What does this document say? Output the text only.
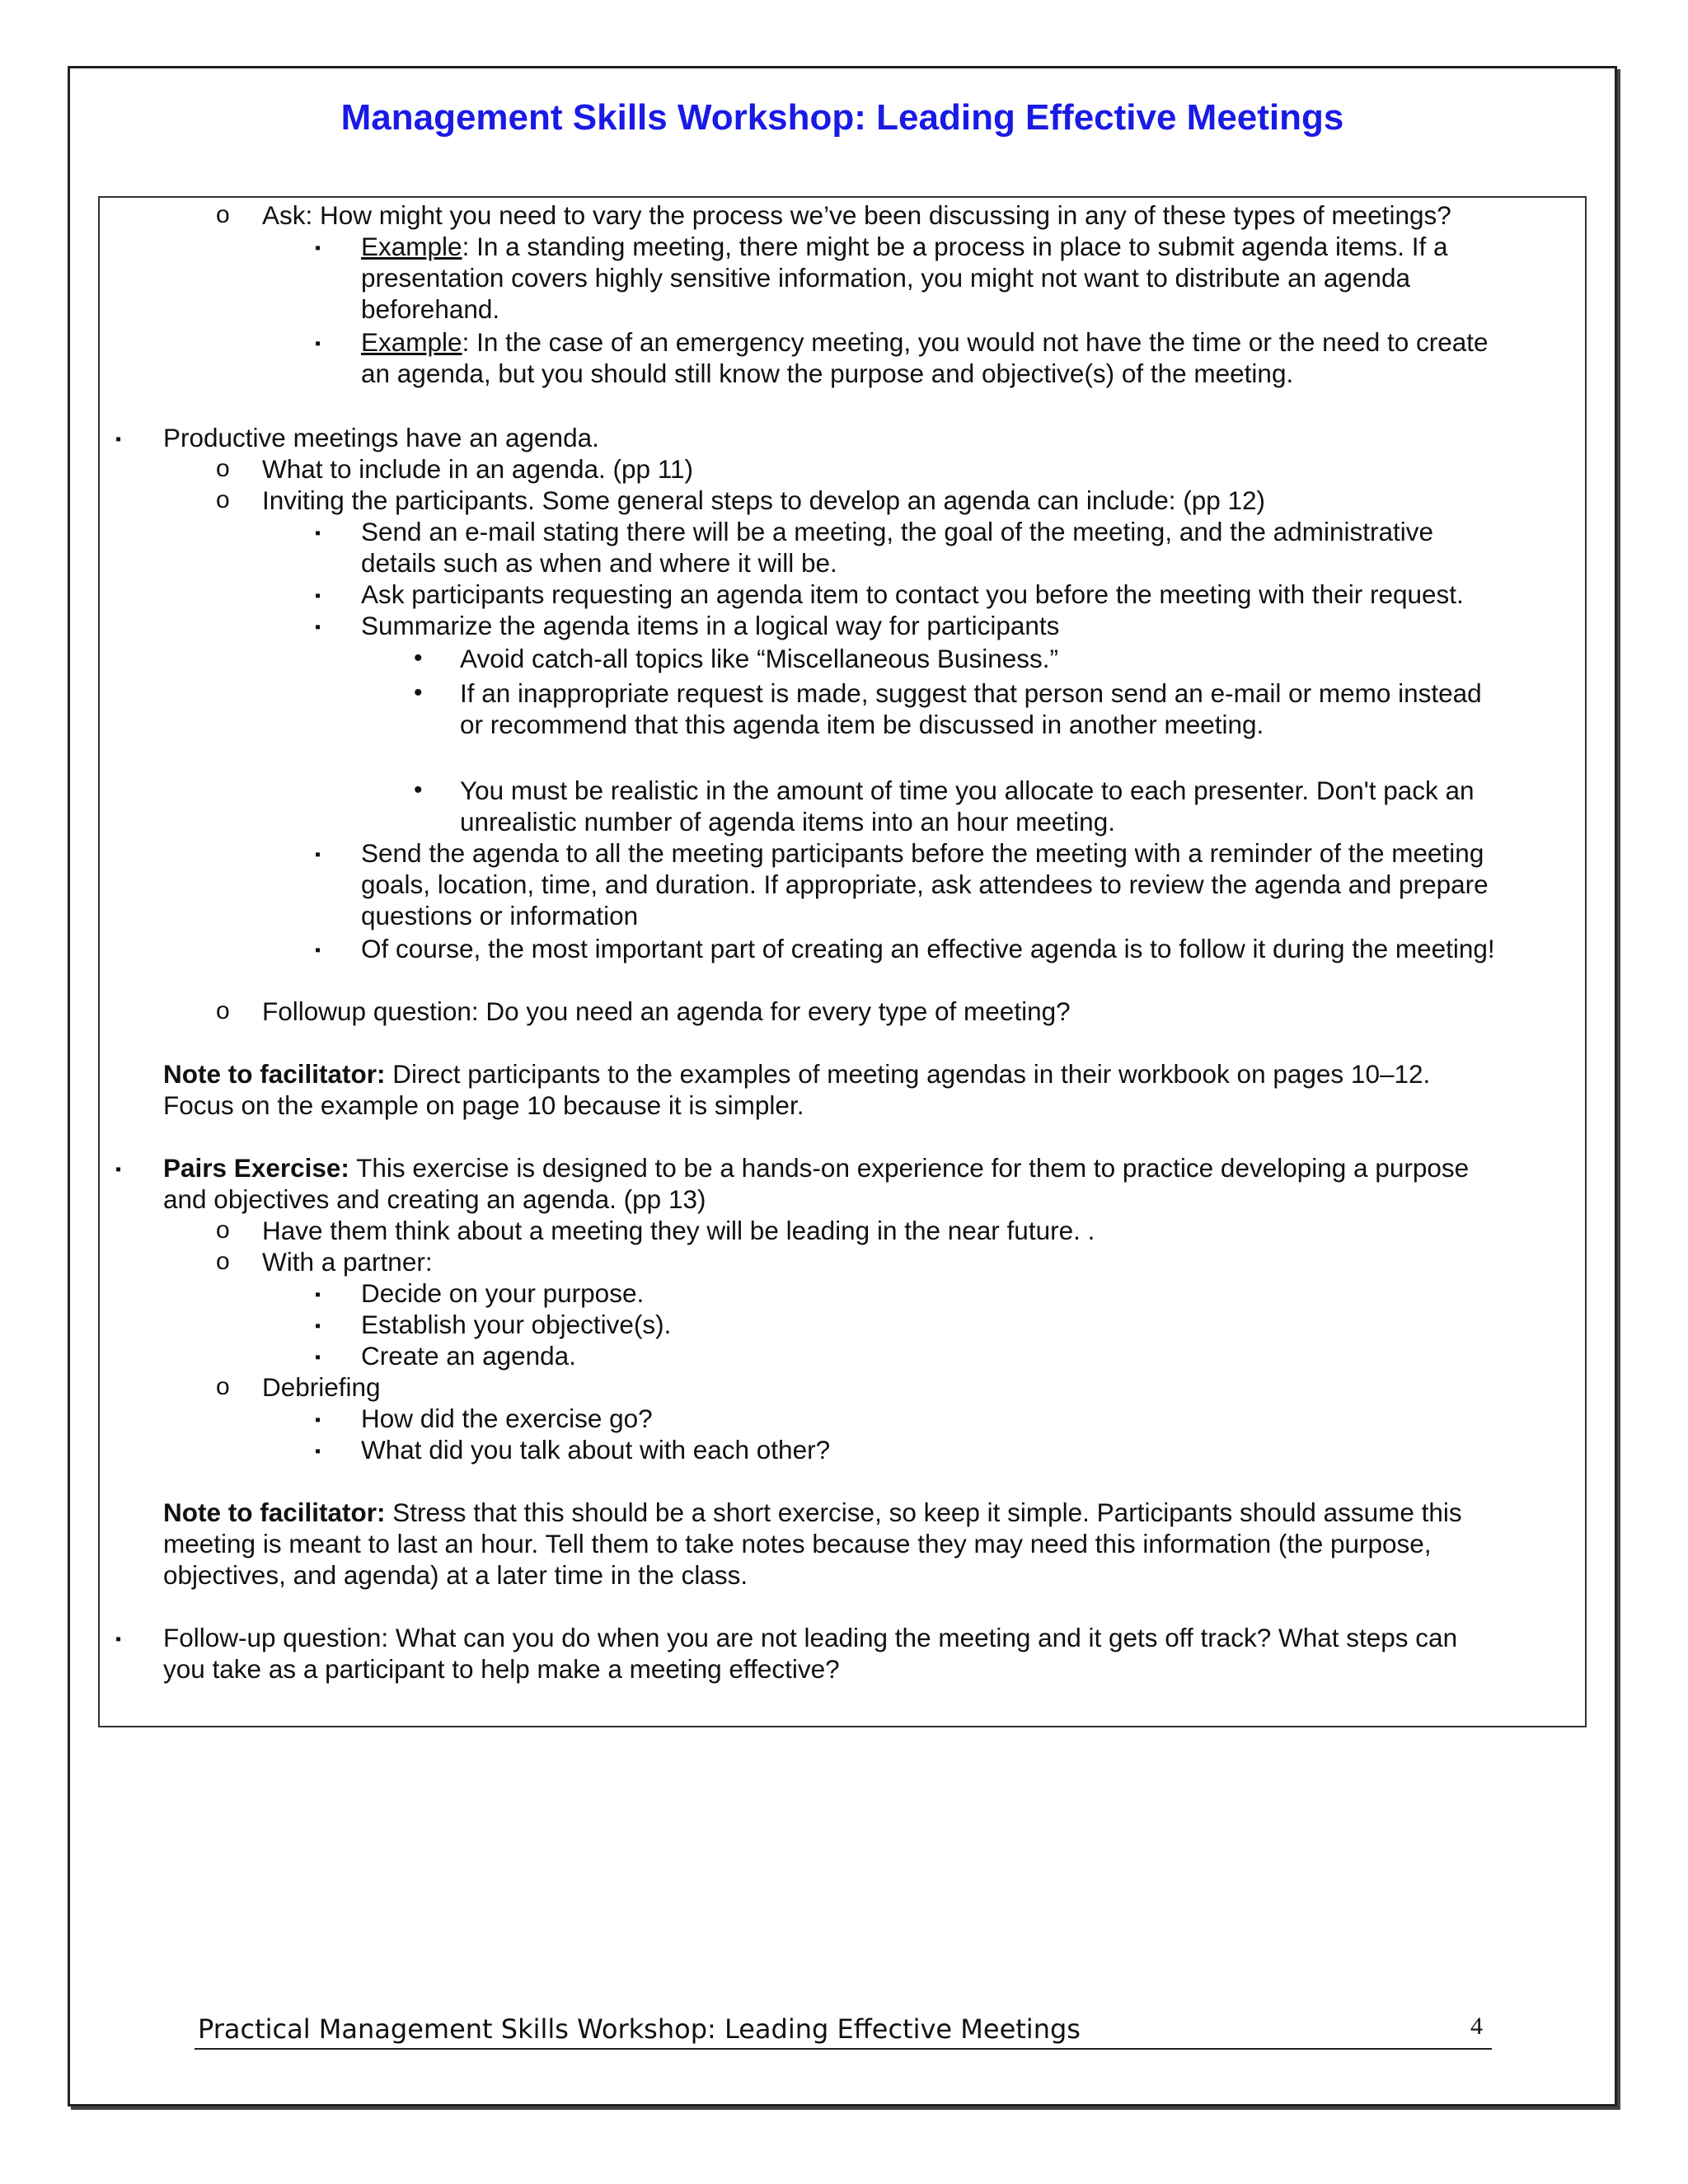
Management Skills Workshop: Leading Effective Meetings
o Ask: How might you need to vary the process we’ve been discussing in any of these types of meetings?

▪ Example: In a standing meeting, there might be a process in place to submit agenda items. If a

presentation covers highly sensitive information, you might not want to distribute an agenda

beforehand.

▪ Example: In the case of an emergency meeting, you would not have the time or the need to create

an agenda, but you should still know the purpose and objective(s) of the meeting.

▪ Productive meetings have an agenda.

o What to include in an agenda. (pp 11)

o Inviting the participants. Some general steps to develop an agenda can include: (pp 12)

▪ Send an e-mail stating there will be a meeting, the goal of the meeting, and the administrative

details such as when and where it will be.

▪ Ask participants requesting an agenda item to contact you before the meeting with their request.

▪ Summarize the agenda items in a logical way for participants

• Avoid catch-all topics like “Miscellaneous Business.”

• If an inappropriate request is made, suggest that person send an e-mail or memo instead

or recommend that this agenda item be discussed in another meeting.

• You must be realistic in the amount of time you allocate to each presenter. Don't pack an

unrealistic number of agenda items into an hour meeting.

▪ Send the agenda to all the meeting participants before the meeting with a reminder of the meeting

goals, location, time, and duration. If appropriate, ask attendees to review the agenda and prepare

questions or information

▪ Of course, the most important part of creating an effective agenda is to follow it during the meeting!

o Followup question: Do you need an agenda for every type of meeting?

Note to facilitator: Direct participants to the examples of meeting agendas in their workbook on pages 10–12.

Focus on the example on page 10 because it is simpler.

▪ Pairs Exercise: This exercise is designed to be a hands-on experience for them to practice developing a purpose

and objectives and creating an agenda. (pp 13)

o Have them think about a meeting they will be leading in the near future. .

o With a partner:

▪ Decide on your purpose.

▪ Establish your objective(s).

▪ Create an agenda.

o Debriefing

▪ How did the exercise go?

▪ What did you talk about with each other?

Note to facilitator: Stress that this should be a short exercise, so keep it simple. Participants should assume this

meeting is meant to last an hour. Tell them to take notes because they may need this information (the purpose,

objectives, and agenda) at a later time in the class.

▪ Follow-up question: What can you do when you are not leading the meeting and it gets off track? What steps can

you take as a participant to help make a meeting effective?

Practical Management Skills Workshop: Leading Effective Meetings	4
